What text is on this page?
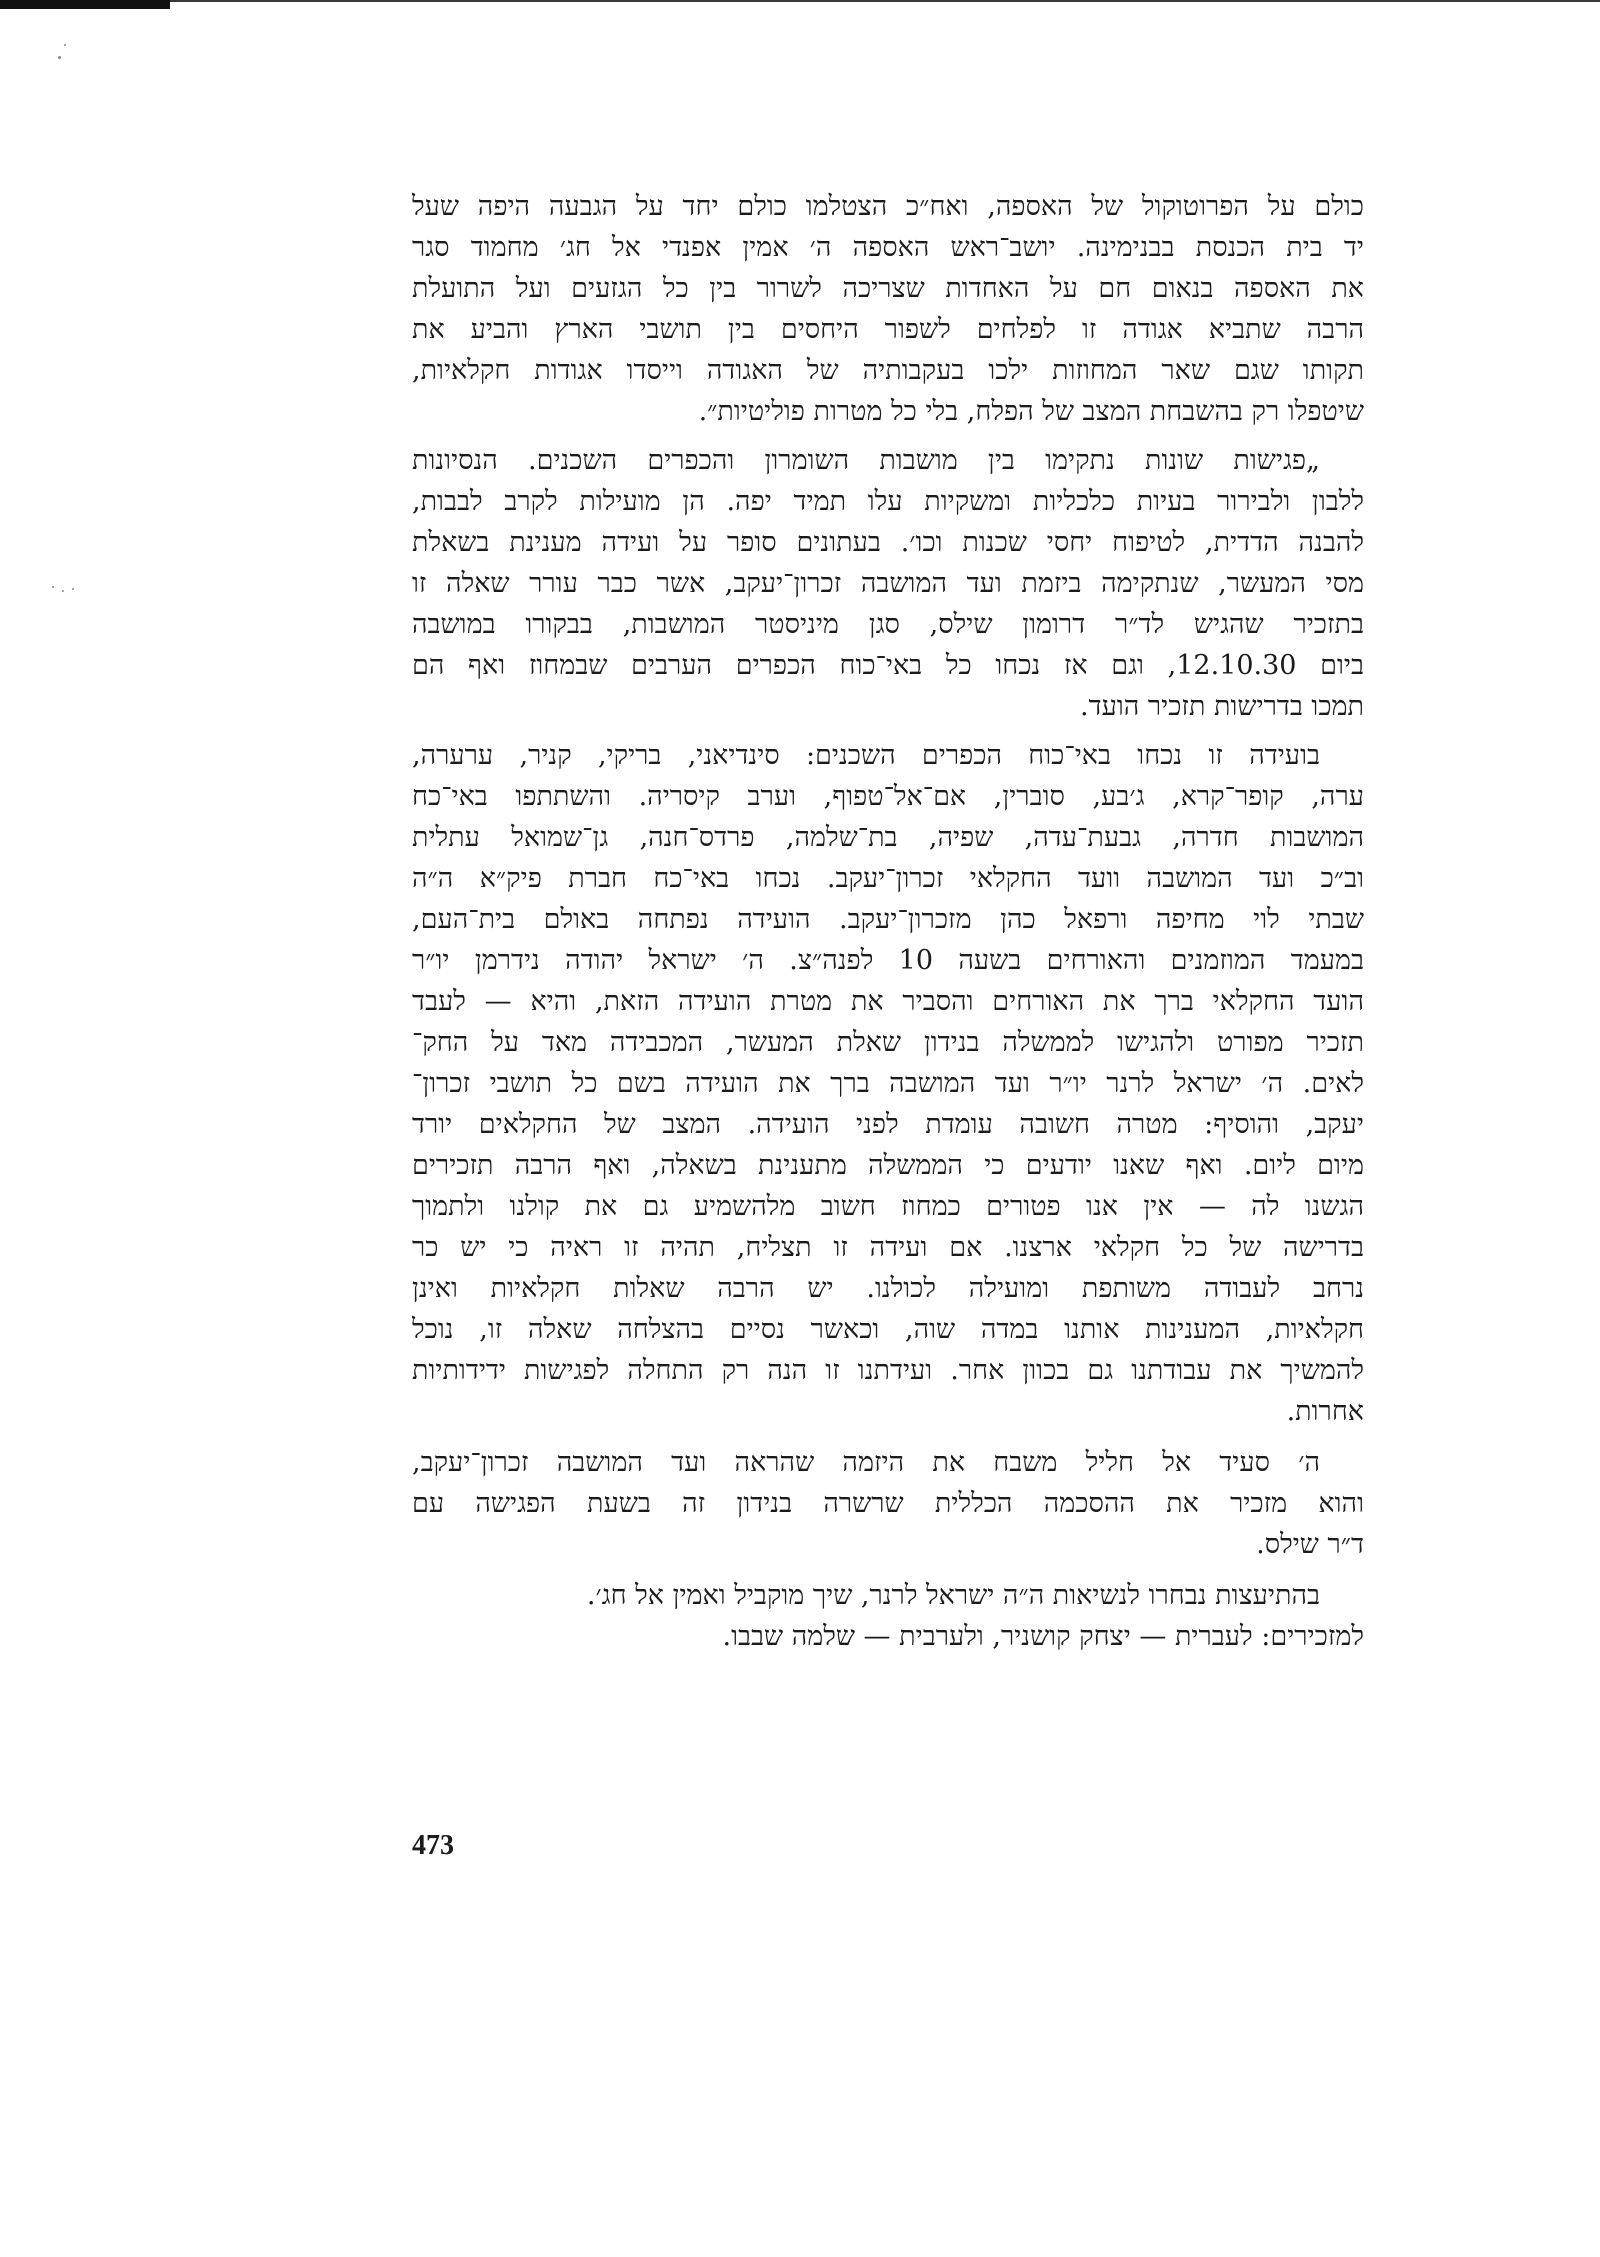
כולם על הפרוטוקול של האספה, ואח״כ הצטלמו כולם יחד על הגבעה היפה שעל
יד בית הכנסת בבנימינה. יושב־ראש האספה ה׳ אמין אפנדי אל חג׳ מחמוד סגר
את האספה בנאום חם על האחדות שצריכה לשרור בין כל הגזעים ועל התועלת
הרבה שתביא אגודה זו לפלחים לשפור היחסים בין תושבי הארץ והביע את
תקותו שגם שאר המחוזות ילכו בעקבותיה של האגודה וייסדו אגודות חקלאיות,
שיטפלו רק בהשבחת המצב של הפלח, בלי כל מטרות פוליטיות״.

„פגישות שונות נתקימו בין מושבות השומרון והכפרים השכנים. הנסיונות
ללבון ולבירור בעיות כלכליות ומשקיות עלו תמיד יפה. הן מועילות לקרב לבבות,
להבנה הדדית, לטיפוח יחסי שכנות וכו׳. בעתונים סופר על ועידה מענינת בשאלת
מסי המעשר, שנתקימה ביזמת ועד המושבה זכרון־יעקב, אשר כבר עורר שאלה זו
בתזכיר שהגיש לד״ר דרומון שילס, סגן מיניסטר המושבות, בבקורו במושבה
ביום 12.10.30, וגם אז נכחו כל באי־כוח הכפרים הערבים שבמחוז ואף הם
תמכו בדרישות תזכיר הועד.

בועידה זו נכחו באי־כוח הכפרים השכנים: סינדיאני, בריקי, קניר, ערערה,
ערה, קופר־קרא, ג׳בע, סוברין, אם־אל־טפוף, וערב קיסריה. והשתתפו באי־כח
המושבות חדרה, גבעת־עדה, שפיה, בת־שלמה, פרדס־חנה, גן־שמואל עתלית
וב״כ ועד המושבה וועד החקלאי זכרון־יעקב. נכחו באי־כח חברת פיק״א ה״ה
שבתי לוי מחיפה ורפאל כהן מזכרון־יעקב. הועידה נפתחה באולם בית־העם,
במעמד המוזמנים והאורחים בשעה 10 לפנה״צ. ה׳ ישראל יהודה נידרמן יו״ר
הועד החקלאי ברך את האורחים והסביר את מטרת הועידה הזאת, והיא — לעבד
תזכיר מפורט ולהגישו לממשלה בנידון שאלת המעשר, המכבידה מאד על החק־
לאים. ה׳ ישראל לרנר יו״ר ועד המושבה ברך את הועידה בשם כל תושבי זכרון־
יעקב, והוסיף: מטרה חשובה עומדת לפני הועידה. המצב של החקלאים יורד
מיום ליום. ואף שאנו יודעים כי הממשלה מתענינת בשאלה, ואף הרבה תזכירים
הגשנו לה — אין אנו פטורים כמחוז חשוב מלהשמיע גם את קולנו ולתמוך
בדרישה של כל חקלאי ארצנו. אם ועידה זו תצליח, תהיה זו ראיה כי יש כר
נרחב לעבודה משותפת ומועילה לכולנו. יש הרבה שאלות חקלאיות ואינן
חקלאיות, המענינות אותנו במדה שוה, וכאשר נסיים בהצלחה שאלה זו, נוכל
להמשיך את עבודתנו גם בכוון אחר. ועידתנו זו הנה רק התחלה לפגישות ידידותיות
אחרות.

ה׳ סעיד אל חליל משבח את היזמה שהראה ועד המושבה זכרון־יעקב,
והוא מזכיר את ההסכמה הכללית שרשרה בנידון זה בשעת הפגישה עם
ד״ר שילס.

בהתיעצות נבחרו לנשיאות ה״ה ישראל לרנר, שיך מוקביל ואמין אל חג׳.
למזכירים: לעברית — יצחק קושניר, ולערבית — שלמה שבבו.

473
